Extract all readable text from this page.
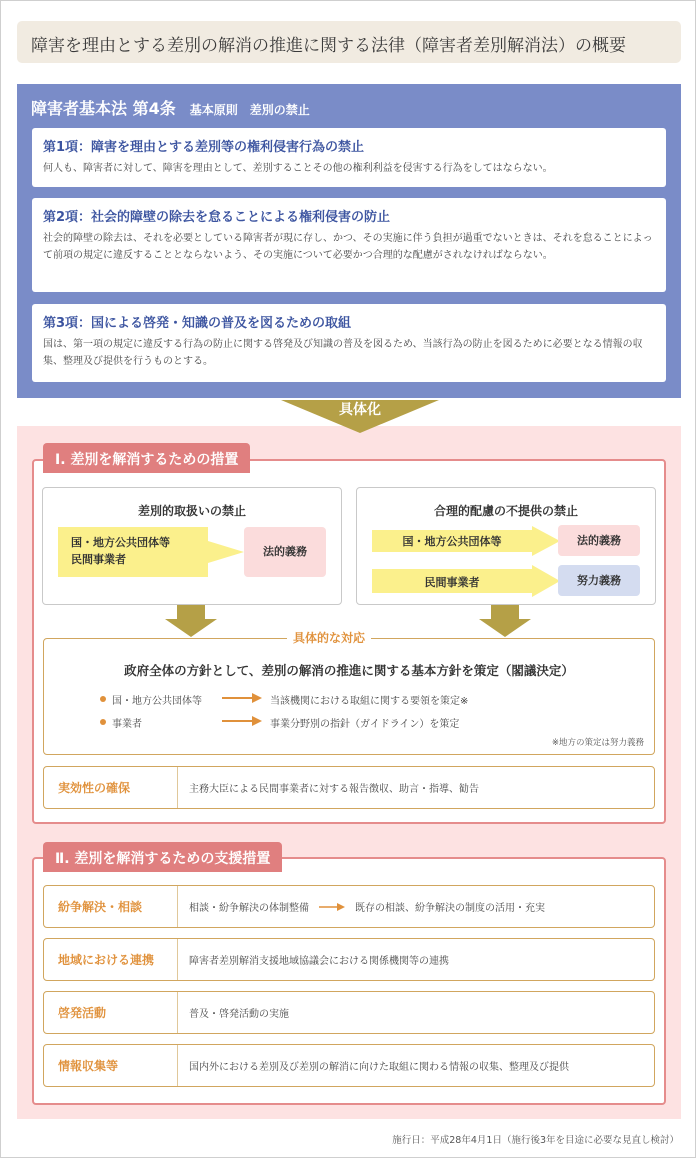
障害を理由とする差別の解消の推進に関する法律（障害者差別解消法）の概要
障害者基本法 第4条 基本原則　差別の禁止
第1項：障害を理由とする差別等の権利侵害行為の禁止
何人も、障害者に対して、障害を理由として、差別することその他の権利利益を侵害する行為をしてはならない。
第2項：社会的障壁の除去を怠ることによる権利侵害の防止
社会的障壁の除去は、それを必要としている障害者が現に存し、かつ、その実施に伴う負担が過重でないときは、それを怠ることによって前項の規定に違反することとならないよう、その実施について必要かつ合理的な配慮がされなければならない。
第3項：国による啓発・知識の普及を図るための取組
国は、第一項の規定に違反する行為の防止に関する啓発及び知識の普及を図るため、当該行為の防止を図るために必要となる情報の収集、整理及び提供を行うものとする。
具体化
Ⅰ. 差別を解消するための措置
差別的取扱いの禁止
国・地方公共団体等
民間事業者
法的義務
合理的配慮の不提供の禁止
国・地方公共団体等	法的義務
民間事業者	努力義務
政府全体の方針として、差別の解消の推進に関する基本方針を策定（閣議決定）
国・地方公共団体等	当該機関における取組に関する要領を策定※
事業者	事業分野別の指針（ガイドライン）を策定
※地方の策定は努力義務
具体的な対応
実効性の確保	主務大臣による民間事業者に対する報告徴収、助言・指導、勧告
Ⅱ. 差別を解消するための支援措置
紛争解決・相談	相談・紛争解決の体制整備	既存の相談、紛争解決の制度の活用・充実
地域における連携	障害者差別解消支援地域協議会における関係機関等の連携
啓発活動	普及・啓発活動の実施
情報収集等	国内外における差別及び差別の解消に向けた取組に関わる情報の収集、整理及び提供
施行日：平成28年4月1日（施行後3年を目途に必要な見直し検討）
